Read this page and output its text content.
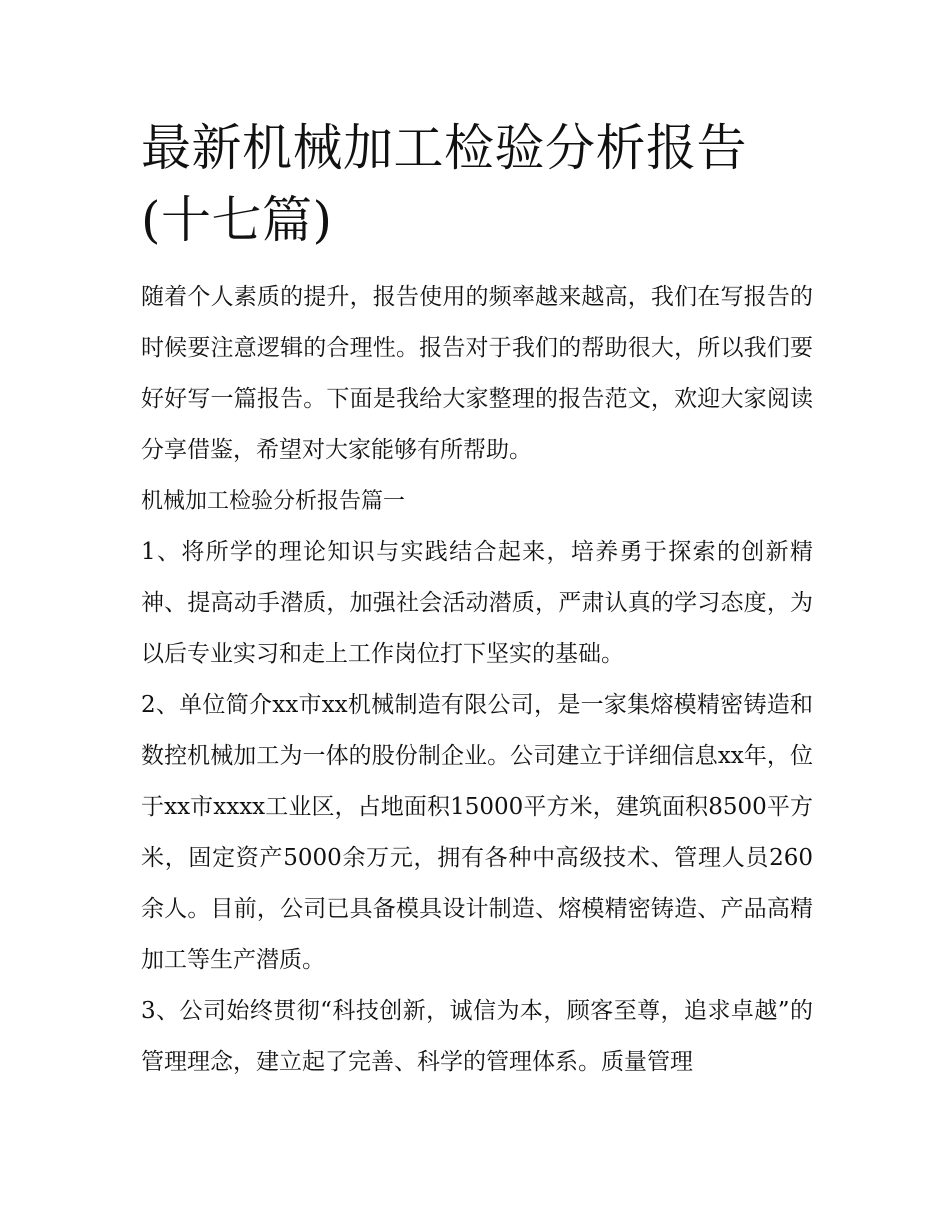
最新机械加工检验分析报告(十七篇)

随着个人素质的提升，报告使用的频率越来越高，我们在写报告的时候要注意逻辑的合理性。报告对于我们的帮助很大，所以我们要好好写一篇报告。下面是我给大家整理的报告范文，欢迎大家阅读分享借鉴，希望对大家能够有所帮助。

机械加工检验分析报告篇一

1、将所学的理论知识与实践结合起来，培养勇于探索的创新精神、提高动手潜质，加强社会活动潜质，严肃认真的学习态度，为以后专业实习和走上工作岗位打下坚实的基础。

2、单位简介xx市xx机械制造有限公司，是一家集熔模精密铸造和数控机械加工为一体的股份制企业。公司建立于详细信息xx年，位于xx市xxxx工业区，占地面积15000平方米，建筑面积8500平方米，固定资产5000余万元，拥有各种中高级技术、管理人员260余人。目前，公司已具备模具设计制造、熔模精密铸造、产品高精加工等生产潜质。

3、公司始终贯彻“科技创新，诚信为本，顾客至尊，追求卓越”的管理理念，建立起了完善、科学的管理体系。质量管理
